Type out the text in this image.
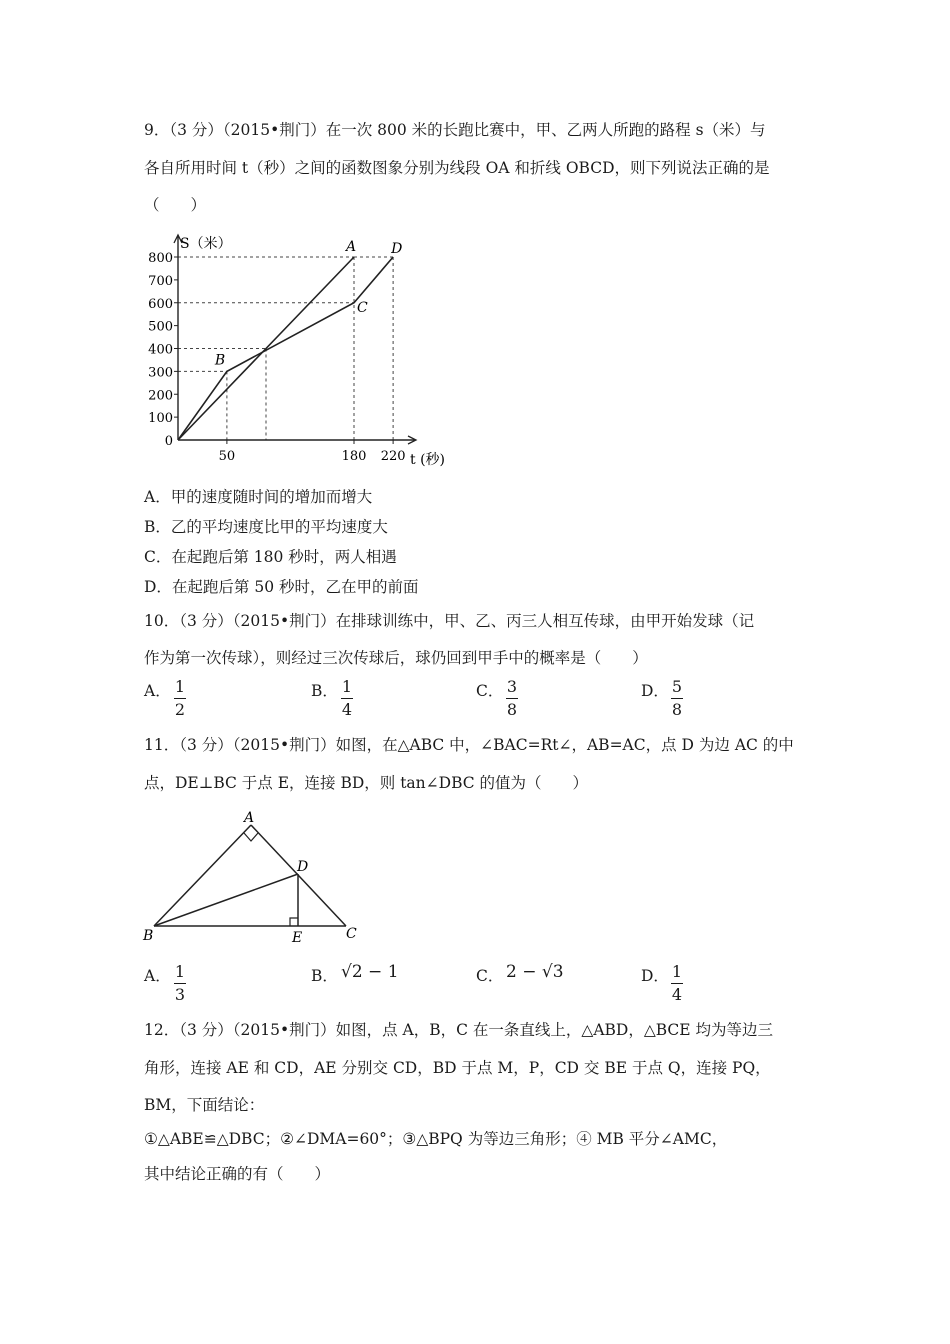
9．（3 分）（2015•荆门）在一次 800 米的长跑比赛中，甲、乙两人所跑的路程 s（米）与
各自所用时间 t（秒）之间的函数图象分别为线段 OA 和折线 OBCD，则下列说法正确的是
（　　）
800
700
600
500
400
300
200
100
0
50	180 220
S（米）
t (秒)
A
B
C
D
A．甲的速度随时间的增加而增大
B．乙的平均速度比甲的平均速度大
C．在起跑后第 180 秒时，两人相遇
D．在起跑后第 50 秒时，乙在甲的前面
10．（3 分）（2015•荆门）在排球训练中，甲、乙、丙三人相互传球，由甲开始发球（记
作为第一次传球），则经过三次传球后，球仍回到甲手中的概率是（　　）
A． 1
2
B． 1
4
C． 3
8
D． 5
8
11．（3 分）（2015•荆门）如图，在△ABC 中，∠BAC=Rt∠，AB=AC，点 D 为边 AC 的中
点，DE⊥BC 于点 E，连接 BD，则 tan∠DBC 的值为（　　）
A
B	C
D
E
A． 1
3
B． √2 − 1	C． 2 − √3	D． 1
4
12．（3 分）（2015•荆门）如图，点 A，B，C 在一条直线上，△ABD，△BCE 均为等边三
角形，连接 AE 和 CD，AE 分别交 CD，BD 于点 M，P，CD 交 BE 于点 Q，连接 PQ，
BM，下面结论：
①△ABE≌△DBC；②∠DMA=60°；③△BPQ 为等边三角形；④ MB 平分∠AMC，
其中结论正确的有（　　）
